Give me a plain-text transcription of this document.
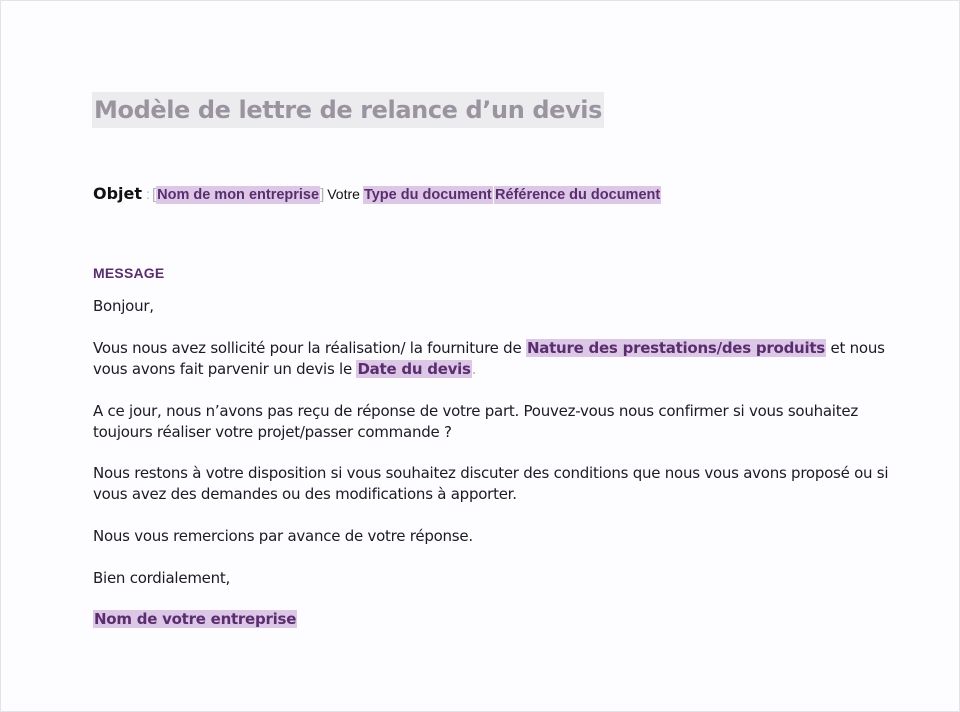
Modèle de lettre de relance d’un devis
Objet : [Nom de mon entreprise] Votre Type du document  Référence du document
MESSAGE
Bonjour,
Vous nous avez sollicité pour la réalisation/ la fourniture de Nature des prestations/des produits et nous vous avons fait parvenir un devis le Date du devis.
A ce jour, nous n’avons pas reçu de réponse de votre part. Pouvez-vous nous confirmer si vous souhaitez toujours réaliser votre projet/passer commande ?
Nous restons à votre disposition si vous souhaitez discuter des conditions que nous vous avons proposé ou si vous avez des demandes ou des modifications à apporter.
Nous vous remercions par avance de votre réponse.
Bien cordialement,
Nom de votre entreprise
